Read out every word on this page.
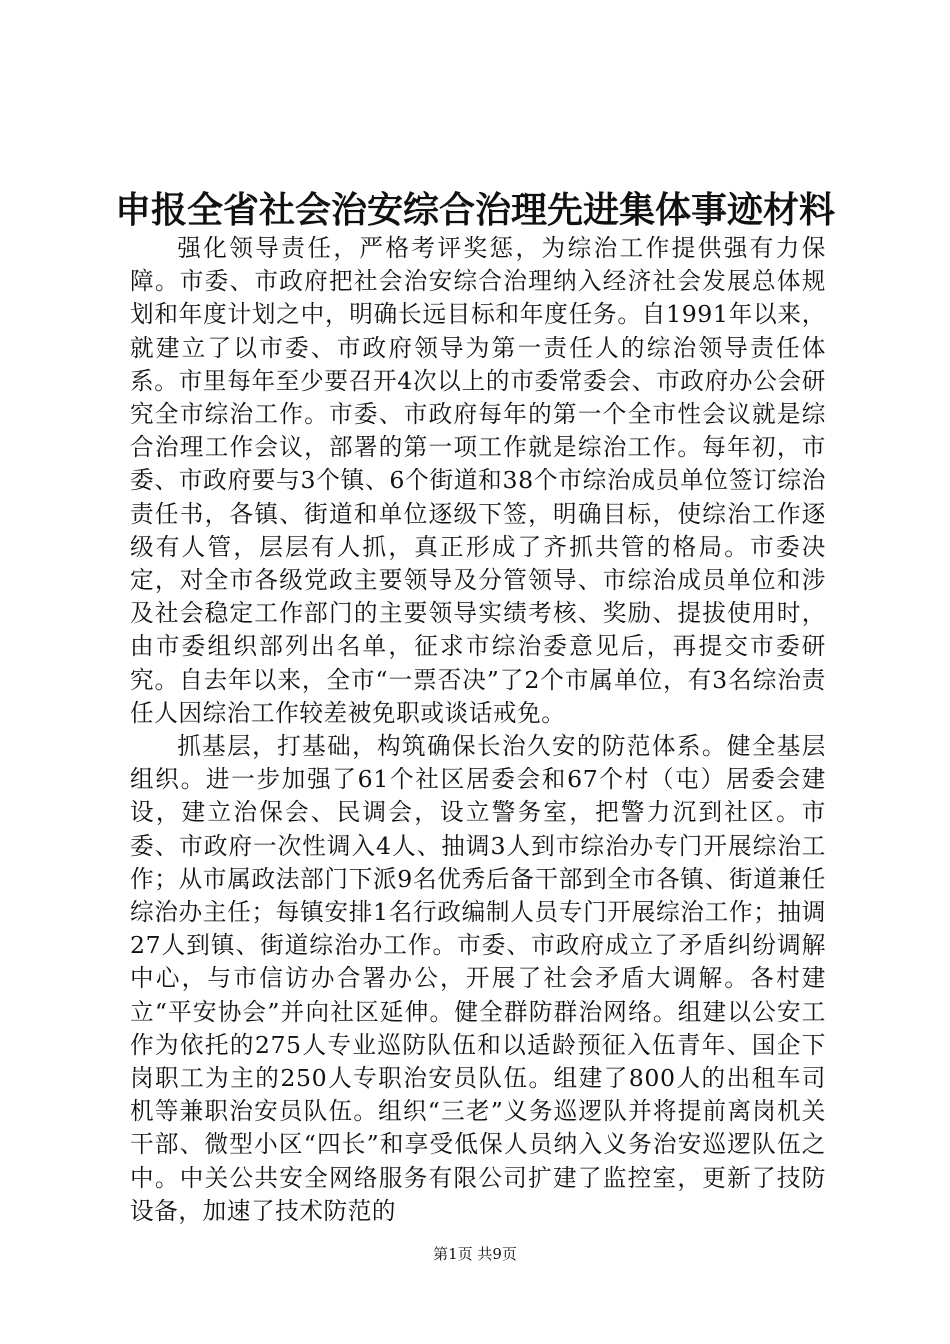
申报全省社会治安综合治理先进集体事迹材料

强化领导责任，严格考评奖惩，为综治工作提供强有力保障。市委、市政府把社会治安综合治理纳入经济社会发展总体规划和年度计划之中，明确长远目标和年度任务。自1991年以来，就建立了以市委、市政府领导为第一责任人的综治领导责任体系。市里每年至少要召开4次以上的市委常委会、市政府办公会研究全市综治工作。市委、市政府每年的第一个全市性会议就是综合治理工作会议，部署的第一项工作就是综治工作。每年初，市委、市政府要与3个镇、6个街道和38个市综治成员单位签订综治责任书，各镇、街道和单位逐级下签，明确目标，使综治工作逐级有人管，层层有人抓，真正形成了齐抓共管的格局。市委决定，对全市各级党政主要领导及分管领导、市综治成员单位和涉及社会稳定工作部门的主要领导实绩考核、奖励、提拔使用时，由市委组织部列出名单，征求市综治委意见后，再提交市委研究。自去年以来，全市“一票否决”了2个市属单位，有3名综治责任人因综治工作较差被免职或谈话戒免。

抓基层，打基础，构筑确保长治久安的防范体系。健全基层组织。进一步加强了61个社区居委会和67个村（屯）居委会建设，建立治保会、民调会，设立警务室，把警力沉到社区。市委、市政府一次性调入4人、抽调3人到市综治办专门开展综治工作；从市属政法部门下派9名优秀后备干部到全市各镇、街道兼任综治办主任；每镇安排1名行政编制人员专门开展综治工作；抽调27人到镇、街道综治办工作。市委、市政府成立了矛盾纠纷调解中心，与市信访办合署办公，开展了社会矛盾大调解。各村建立“平安协会”并向社区延伸。健全群防群治网络。组建以公安工作为依托的275人专业巡防队伍和以适龄预征入伍青年、国企下岗职工为主的250人专职治安员队伍。组建了800人的出租车司机等兼职治安员队伍。组织“三老”义务巡逻队并将提前离岗机关干部、微型小区“四长”和享受低保人员纳入义务治安巡逻队伍之中。中关公共安全网络服务有限公司扩建了监控室，更新了技防设备，加速了技术防范的

第1页 共9页
